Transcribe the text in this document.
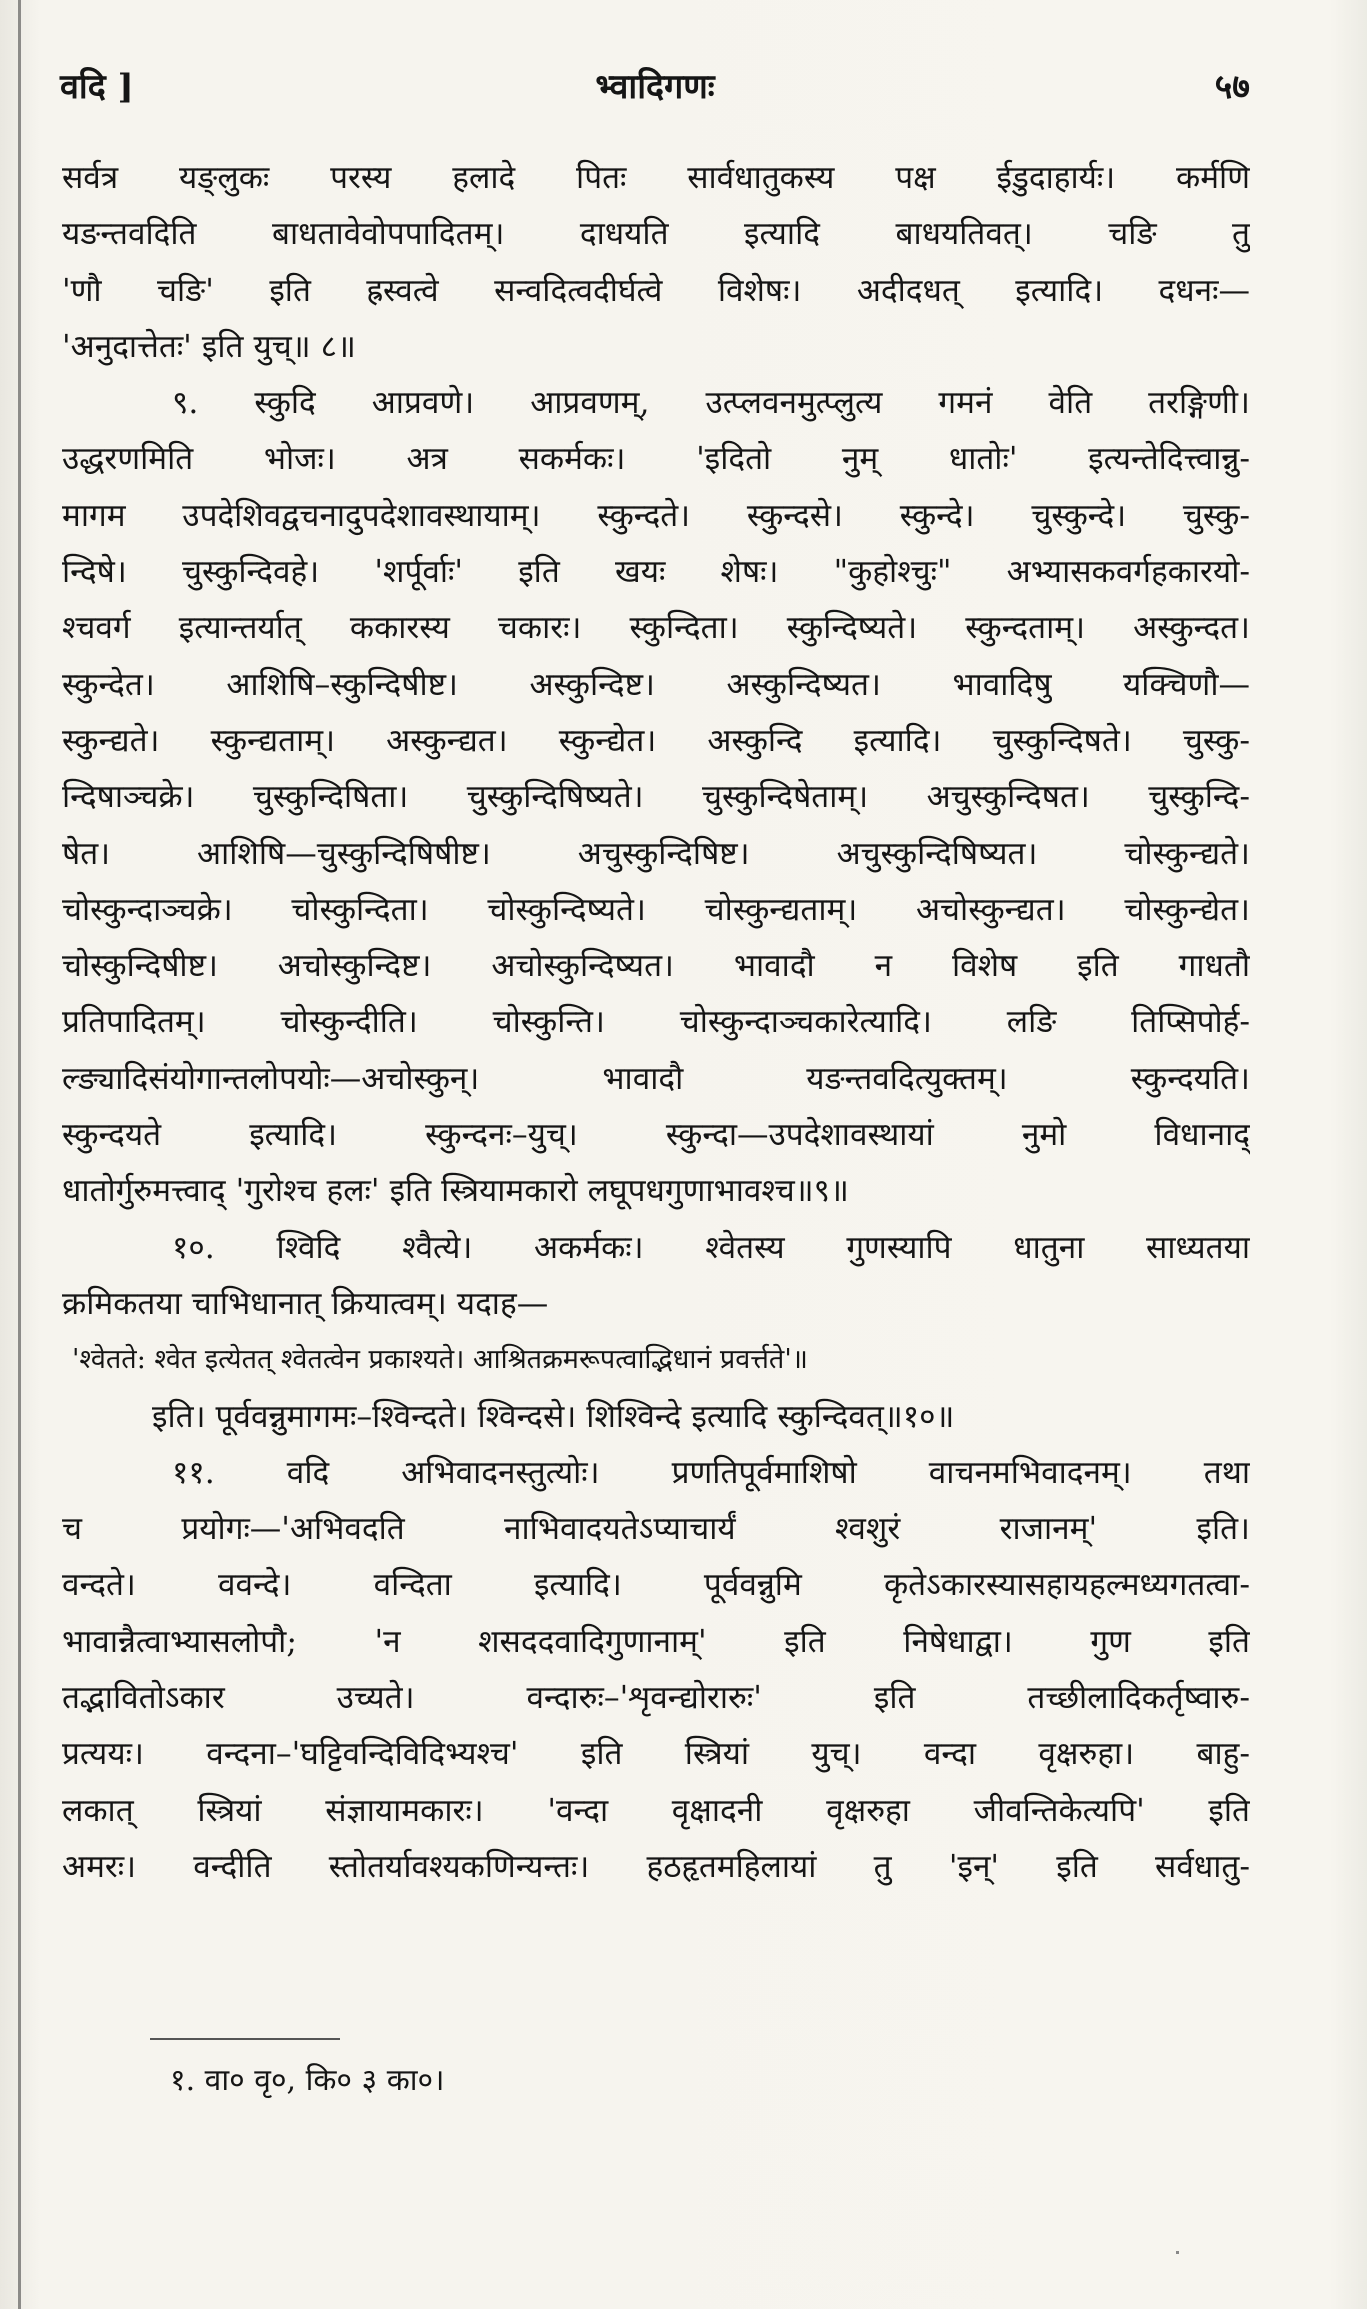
वदि ]	भ्वादिगणः	५७
सर्वत्र यङ्लुकः परस्य हलादे पितः सार्वधातुकस्य पक्ष ईडुदाहार्यः। कर्मणि
यङन्तवदिति बाधतावेवोपपादितम्। दाधयति इत्यादि बाधयतिवत्। चङि तु
'णौ चङि' इति ह्रस्वत्वे सन्वदित्वदीर्घत्वे विशेषः। अदीदधत् इत्यादि। दधनः—
'अनुदात्तेतः' इति युच्॥ ८॥
९. स्कुदि आप्रवणे। आप्रवणम्, उत्प्लवनमुत्प्लुत्य गमनं वेति तरङ्गिणी।
उद्धरणमिति भोजः। अत्र सकर्मकः। 'इदितो नुम् धातोः' इत्यन्तेदित्त्वान्नु-
मागम उपदेशिवद्वचनादुपदेशावस्थायाम्। स्कुन्दते। स्कुन्दसे। स्कुन्दे। चुस्कुन्दे। चुस्कु-
न्दिषे। चुस्कुन्दिवहे। 'शर्पूर्वाः' इति खयः शेषः। "कुहोश्चुः" अभ्यासकवर्गहकारयो-
श्चवर्ग इत्यान्तर्यात् ककारस्य चकारः। स्कुन्दिता। स्कुन्दिष्यते। स्कुन्दताम्। अस्कुन्दत।
स्कुन्देत। आशिषि–स्कुन्दिषीष्ट। अस्कुन्दिष्ट। अस्कुन्दिष्यत। भावादिषु यक्चिणौ—
स्कुन्द्यते। स्कुन्द्यताम्। अस्कुन्द्यत। स्कुन्द्येत। अस्कुन्दि इत्यादि। चुस्कुन्दिषते। चुस्कु-
न्दिषाञ्चक्रे। चुस्कुन्दिषिता। चुस्कुन्दिषिष्यते। चुस्कुन्दिषेताम्। अचुस्कुन्दिषत। चुस्कुन्दि-
षेत। आशिषि—चुस्कुन्दिषिषीष्ट। अचुस्कुन्दिषिष्ट। अचुस्कुन्दिषिष्यत। चोस्कुन्द्यते।
चोस्कुन्दाञ्चक्रे। चोस्कुन्दिता। चोस्कुन्दिष्यते। चोस्कुन्द्यताम्। अचोस्कुन्द्यत। चोस्कुन्द्येत।
चोस्कुन्दिषीष्ट। अचोस्कुन्दिष्ट। अचोस्कुन्दिष्यत। भावादौ न विशेष इति गाधतौ
प्रतिपादितम्। चोस्कुन्दीति। चोस्कुन्ति। चोस्कुन्दाञ्चकारेत्यादि। लङि तिप्सिपोर्ह-
ल्ङ्यादिसंयोगान्तलोपयोः—अचोस्कुन्। भावादौ यङन्तवदित्युक्तम्। स्कुन्दयति।
स्कुन्दयते इत्यादि। स्कुन्दनः–युच्। स्कुन्दा—उपदेशावस्थायां नुमो विधानाद्
धातोर्गुरुमत्त्वाद् 'गुरोश्च हलः' इति स्त्रियामकारो लघूपधगुणाभावश्च॥९॥
१०. श्विदि श्वैत्ये। अकर्मकः। श्वेतस्य गुणस्यापि धातुना साध्यतया
क्रमिकतया चाभिधानात् क्रियात्वम्। यदाह—
'श्वेतते: श्वेत इत्येतत् श्वेतत्वेन प्रकाश्यते। आश्रितक्रमरूपत्वाद्भिधानं प्रवर्त्तते'॥
इति। पूर्ववन्नुमागमः–श्विन्दते। श्विन्दसे। शिश्विन्दे इत्यादि स्कुन्दिवत्॥१०॥
११. वदि अभिवादनस्तुत्योः। प्रणतिपूर्वमाशिषो वाचनमभिवादनम्। तथा
च प्रयोगः—'अभिवदति नाभिवादयतेऽप्याचार्यं श्वशुरं राजानम्' इति।
वन्दते। ववन्दे। वन्दिता इत्यादि। पूर्ववन्नुमि कृतेऽकारस्यासहायहल्मध्यगतत्वा-
भावान्नैत्वाभ्यासलोपौ; 'न शसददवादिगुणानाम्' इति निषेधाद्वा। गुण इति
तद्भावितोऽकार उच्यते। वन्दारुः–'शृवन्द्योरारुः' इति तच्छीलादिकर्तृष्वारु-
प्रत्ययः। वन्दना–'घट्टिवन्दिविदिभ्यश्च' इति स्त्रियां युच्। वन्दा वृक्षरुहा। बाहु-
लकात् स्त्रियां संज्ञायामकारः। 'वन्दा वृक्षादनी वृक्षरुहा जीवन्तिकेत्यपि' इति
अमरः। वन्दीति स्तोतर्यावश्यकणिन्यन्तः। हठहृतमहिलायां तु 'इन्' इति सर्वधातु-
१. वा० वृ०, कि० ३ का०।
